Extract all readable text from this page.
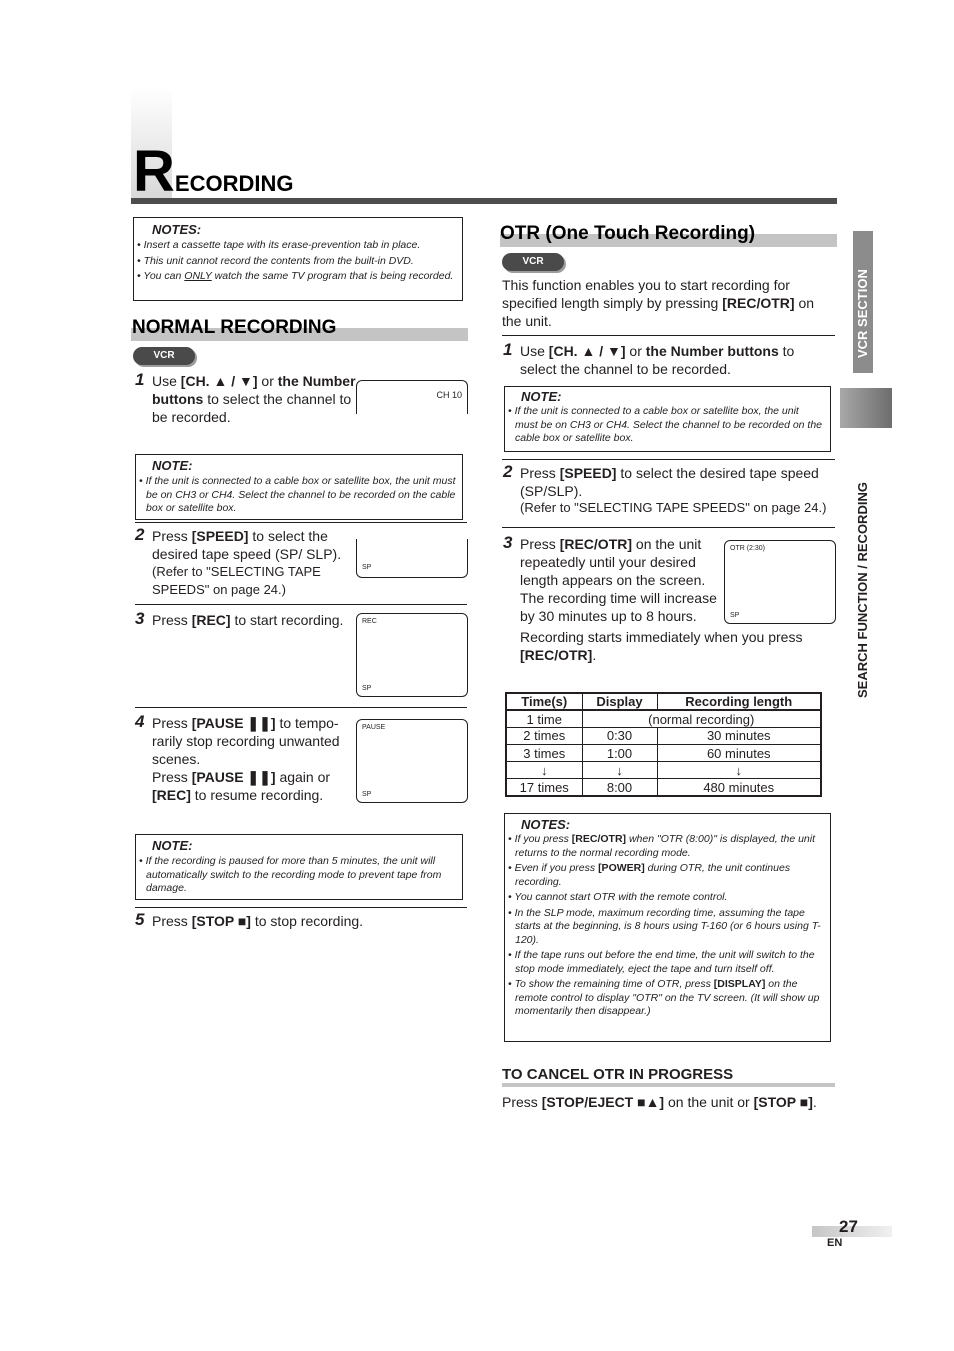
RECORDING
NOTES:
• Insert a cassette tape with its erase-prevention tab in place.
• This unit cannot record the contents from the built-in DVD.
• You can ONLY watch the same TV program that is being recorded.
NORMAL RECORDING
VCR
1 Use [CH. ▲ / ▼] or the Number buttons to select the channel to be recorded.
CH 10
NOTE:
• If the unit is connected to a cable box or satellite box, the unit must be on CH3 or CH4. Select the channel to be recorded on the cable box or satellite box.
2 Press [SPEED] to select the desired tape speed (SP/ SLP).
(Refer to "SELECTING TAPE SPEEDS" on page 24.)
SP
3 Press [REC] to start recording.	REC
SP
4 Press [PAUSE ❚❚] to tempo-rarily stop recording unwanted scenes.
Press [PAUSE ❚❚] again or [REC] to resume recording.
PAUSE
SP
NOTE:
• If the recording is paused for more than 5 minutes, the unit will automatically switch to the recording mode to prevent tape from damage.
5 Press [STOP ■] to stop recording.
OTR (One Touch Recording)
VCR
This function enables you to start recording for specified length simply by pressing [REC/OTR] on the unit.
1 Use [CH. ▲ / ▼] or the Number buttons to select the channel to be recorded.
NOTE:
• If the unit is connected to a cable box or satellite box, the unit must be on CH3 or CH4. Select the channel to be recorded on the cable box or satellite box.
2 Press [SPEED] to select the desired tape speed (SP/SLP).
(Refer to "SELECTING TAPE SPEEDS" on page 24.)
3 Press [REC/OTR] on the unit repeatedly until your desired length appears on the screen. The recording time will increase by 30 minutes up to 8 hours.
Recording starts immediately when you press [REC/OTR].
OTR (2:30)
SP
Time(s)	Display	Recording length
1 time	(normal recording)	
2 times	0:30	30 minutes
3 times	1:00	60 minutes
↓	↓	↓
17 times	8:00	480 minutes
NOTES:
• If you press [REC/OTR] when "OTR (8:00)" is displayed, the unit returns to the normal recording mode.
• Even if you press [POWER] during OTR, the unit continues recording.
• You cannot start OTR with the remote control.
• In the SLP mode, maximum recording time, assuming the tape starts at the beginning, is 8 hours using T-160 (or 6 hours using T-120).
• If the tape runs out before the end time, the unit will switch to the stop mode immediately, eject the tape and turn itself off.
• To show the remaining time of OTR, press [DISPLAY] on the remote control to display "OTR" on the TV screen. (It will show up momentarily then disappear.)
TO CANCEL OTR IN PROGRESS
Press [STOP/EJECT ■▲] on the unit or [STOP ■].
VCR SECTION
SEARCH FUNCTION / RECORDING
27
EN
